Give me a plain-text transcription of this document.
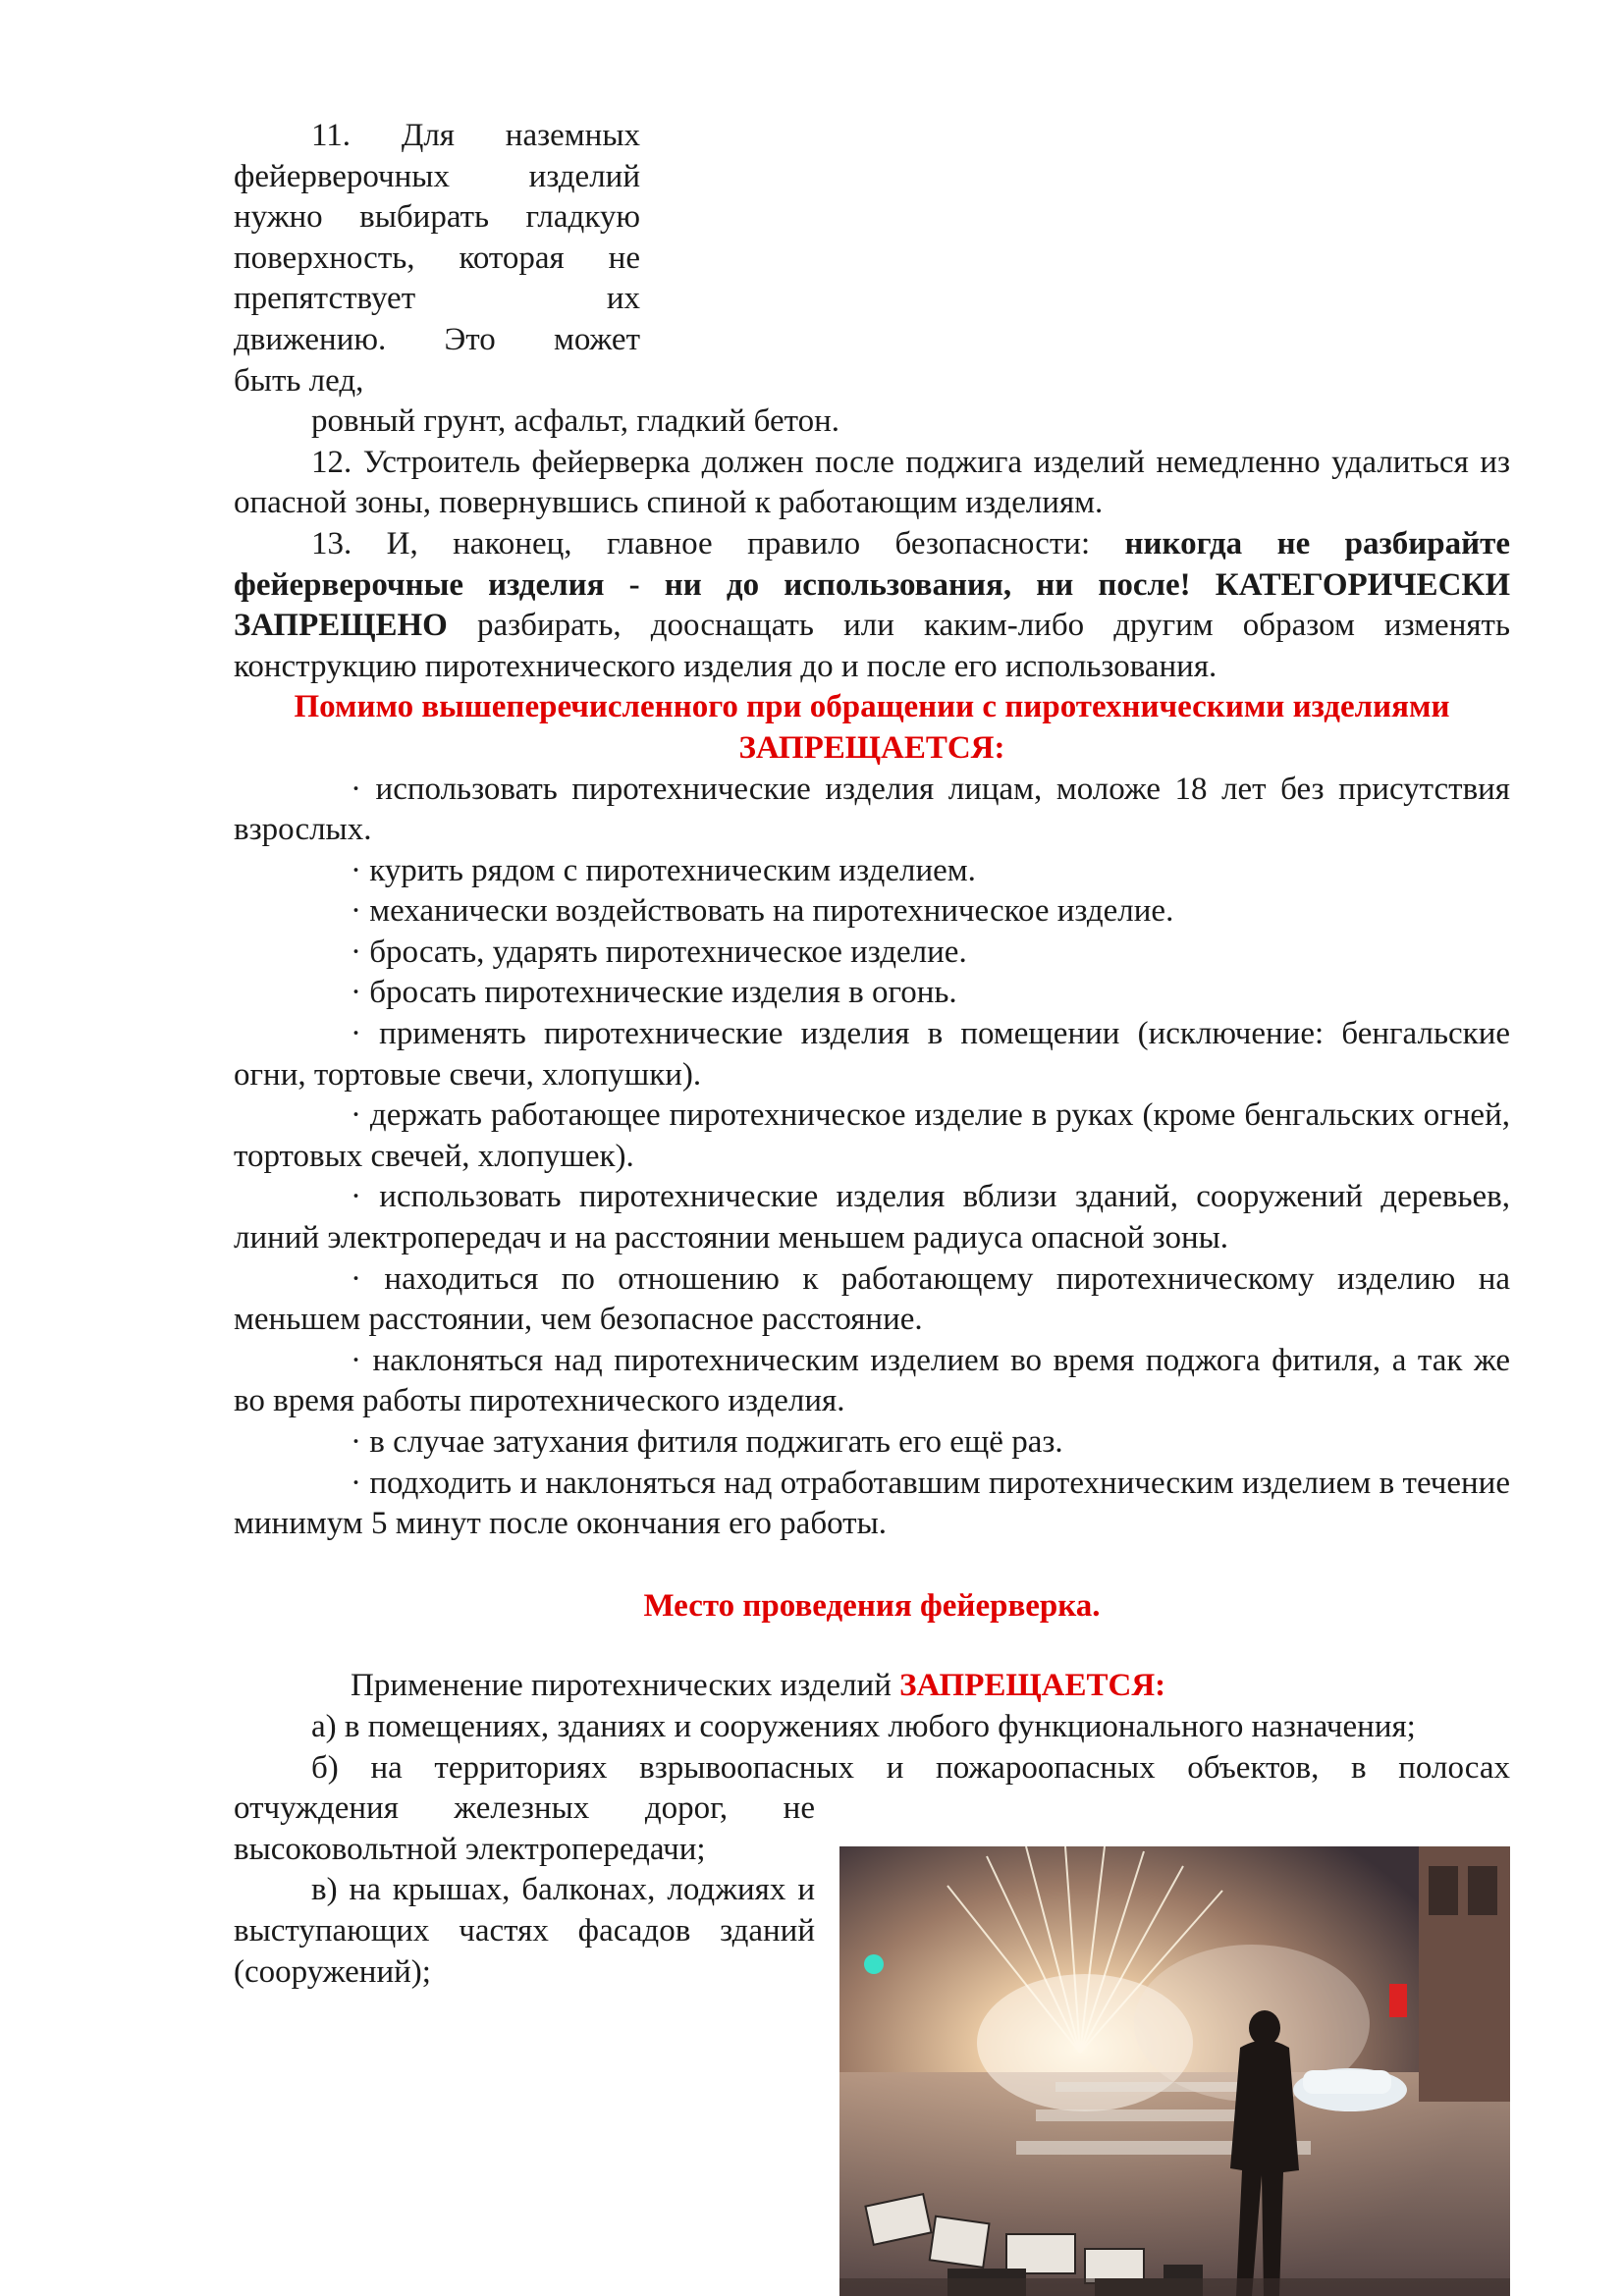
11. Для наземных

фейерверочных изделий

нужно выбирать гладкую

поверхность, которая не

препятствует их

движению. Это может

быть лед,

ровный грунт, асфальт, гладкий бетон.

12. Устроитель фейерверка должен после поджига изделий немедленно удалиться из опасной зоны, повернувшись спиной к работающим изделиям.

13. И, наконец, главное правило безопасности: никогда не разбирайте фейерверочные изделия - ни до использования, ни после! КАТЕГОРИЧЕСКИ ЗАПРЕЩЕНО разбирать, дооснащать или каким-либо другим образом изменять конструкцию пиротехнического изделия до и после его использования.

Помимо вышеперечисленного при обращении с пиротехническими изделиями

ЗАПРЕЩАЕТСЯ:

· использовать пиротехнические изделия лицам, моложе 18 лет без присутствия взрослых.

· курить рядом с пиротехническим изделием.

· механически воздействовать на пиротехническое изделие.

· бросать, ударять пиротехническое изделие.

· бросать пиротехнические изделия в огонь.

· применять пиротехнические изделия в помещении (исключение: бенгальские огни, тортовые свечи, хлопушки).

· держать работающее пиротехническое изделие в руках (кроме бенгальских огней, тортовых свечей, хлопушек).

· использовать пиротехнические изделия вблизи зданий, сооружений деревьев, линий электропередач и на расстоянии меньшем радиуса опасной зоны.

· находиться по отношению к работающему пиротехническому изделию на меньшем расстоянии, чем безопасное расстояние.

· наклоняться над пиротехническим изделием во время поджога фитиля, а так же во время работы пиротехнического изделия.

· в случае затухания фитиля поджигать его ещё раз.

· подходить и наклоняться над отработавшим пиротехническим изделием в течение минимум 5 минут после окончания его работы.

Место проведения фейерверка.

Применение пиротехнических изделий ЗАПРЕЩАЕТСЯ:

а) в помещениях, зданиях и сооружениях любого функционального назначения;

б) на территориях взрывоопасных и пожароопасных объектов, в полосах

отчуждения железных дорог, не

высоковольтной электропередачи;

в) на крышах, балконах, лоджиях и выступающих частях фасадов зданий (сооружений);
